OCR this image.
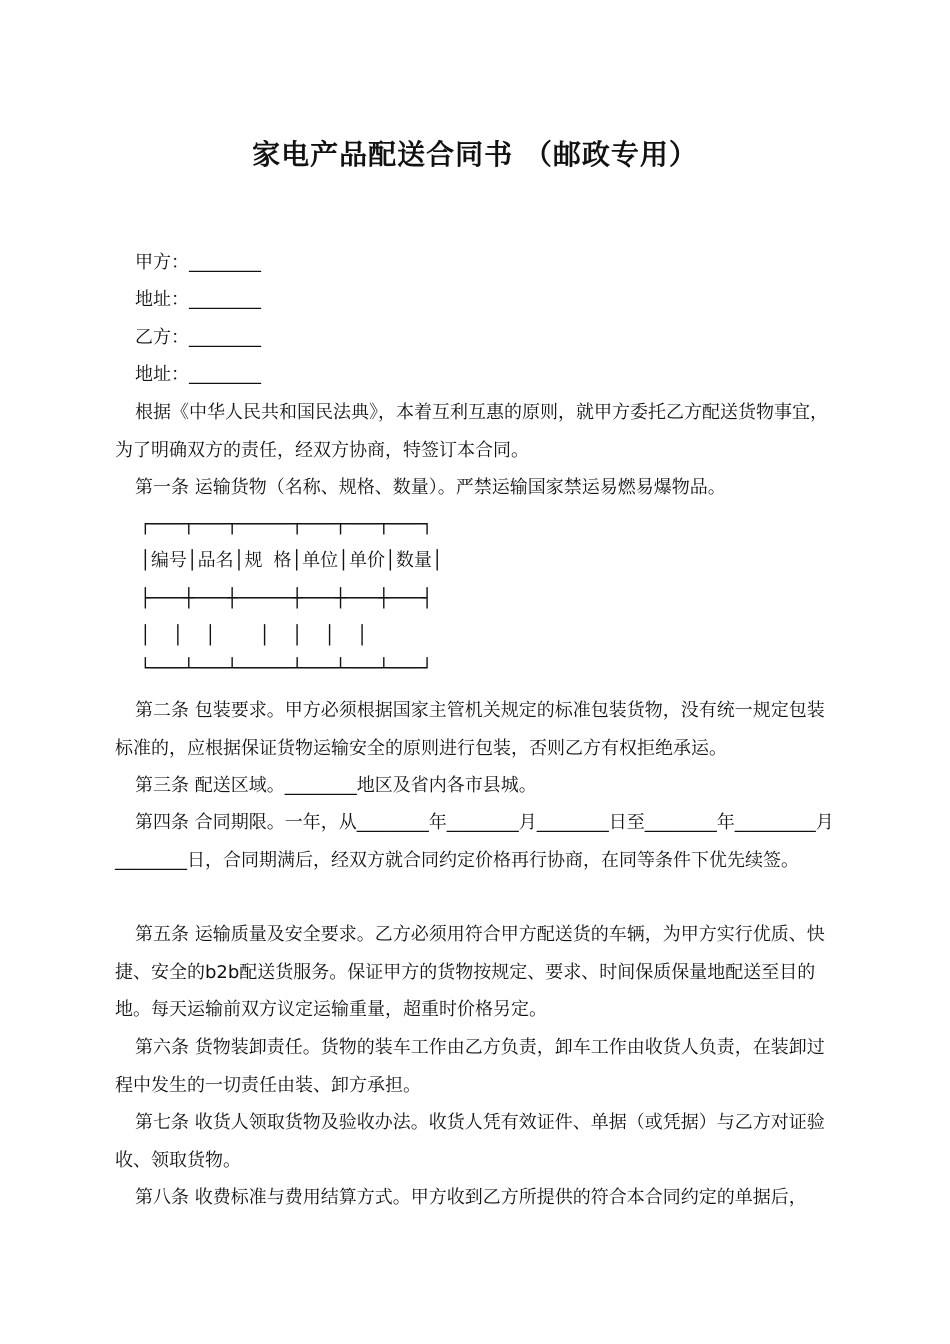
家电产品配送合同书 （邮政专用）
甲方：________
地址：________
乙方：________
地址：________
根据《中华人民共和国民法典》，本着互利互惠的原则，就甲方委托乙方配送货物事宜，为了明确双方的责任，经双方协商，特签订本合同。
第一条 运输货物（名称、规格、数量）。严禁运输国家禁运易燃易爆物品。
┌───┬───┬─────┬───┬───┬───┐
│编号│品名│规 格│单位│单价│数量│
├───┼───┼─────┼───┼───┼───┤
│  │  │    │  │  │  │
└───┴───┴─────┴───┴───┴───┘
第二条 包装要求。甲方必须根据国家主管机关规定的标准包装货物，没有统一规定包装标准的，应根据保证货物运输安全的原则进行包装，否则乙方有权拒绝承运。
第三条 配送区域。________地区及省内各市县城。
第四条 合同期限。一年，从________年________月________日至________年_________月________日，合同期满后，经双方就合同约定价格再行协商，在同等条件下优先续签。
第五条 运输质量及安全要求。乙方必须用符合甲方配送货的车辆，为甲方实行优质、快捷、安全的b2b配送货服务。保证甲方的货物按规定、要求、时间保质保量地配送至目的地。每天运输前双方议定运输重量，超重时价格另定。
第六条 货物装卸责任。货物的装车工作由乙方负责，卸车工作由收货人负责，在装卸过程中发生的一切责任由装、卸方承担。
第七条 收货人领取货物及验收办法。收货人凭有效证件、单据（或凭据）与乙方对证验收、领取货物。
第八条 收费标准与费用结算方式。甲方收到乙方所提供的符合本合同约定的单据后，
